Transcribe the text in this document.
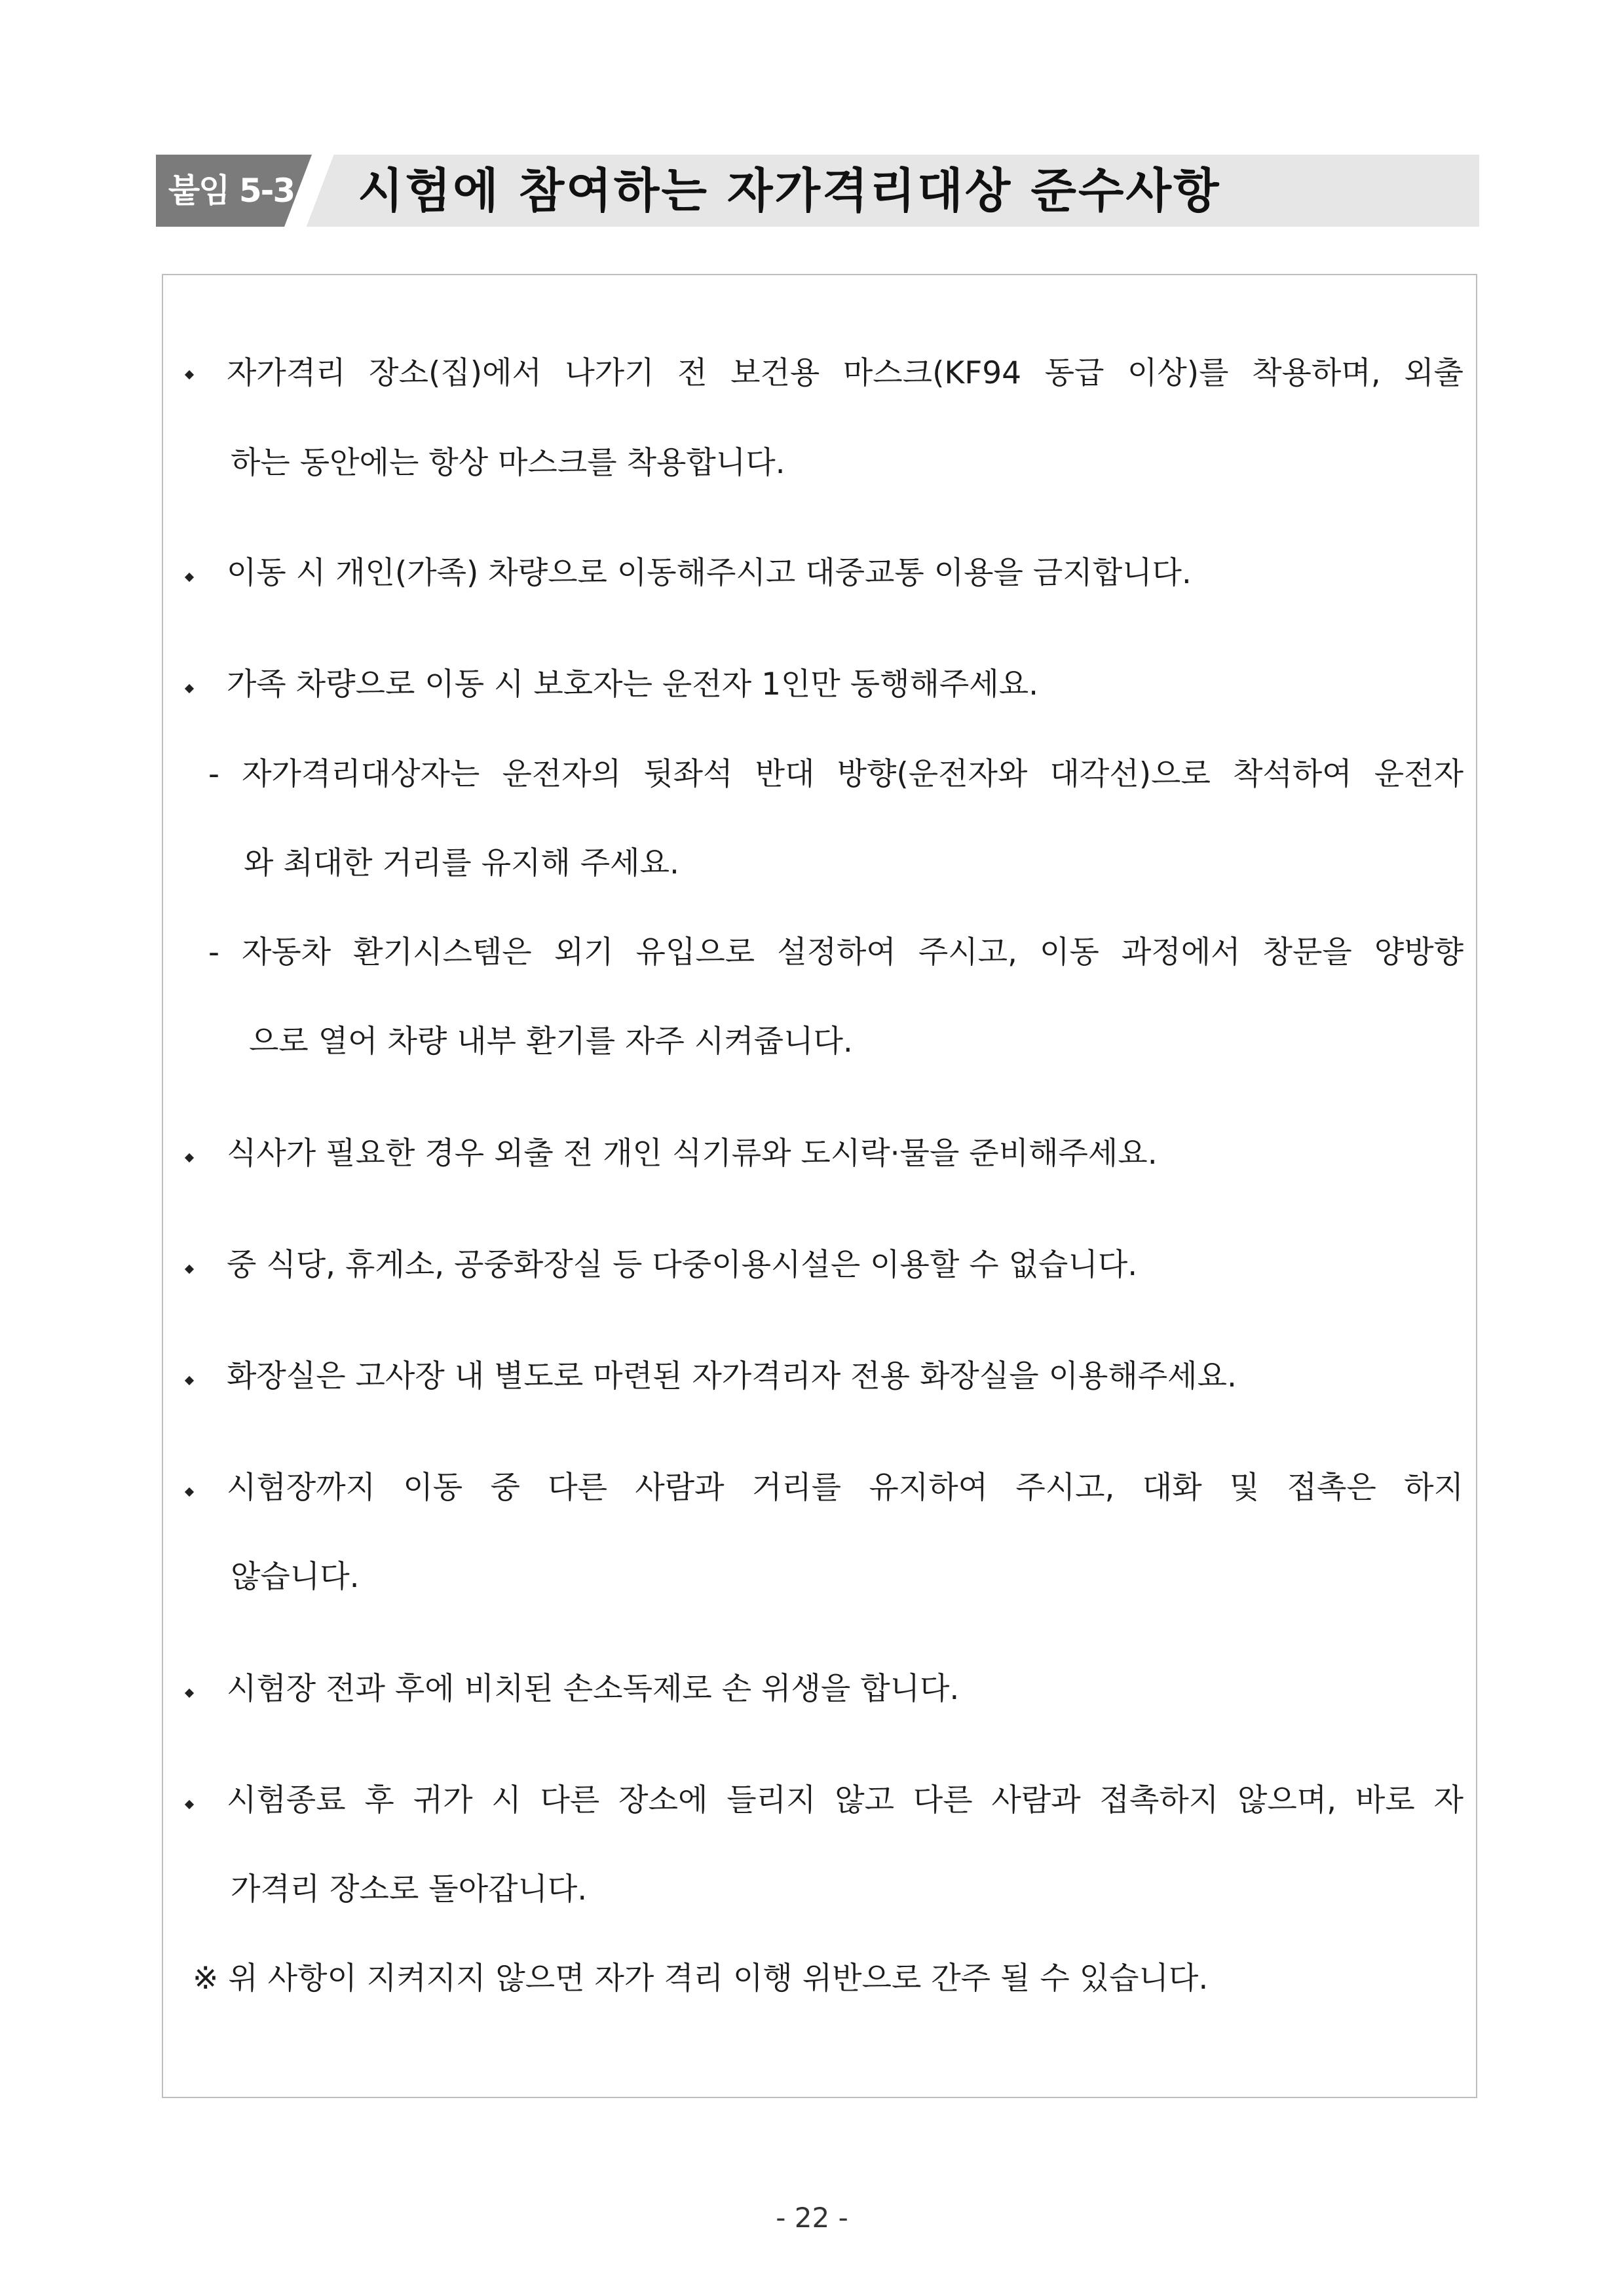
붙임 5-3 시험에 참여하는 자가격리대상 준수사항
자가격리 장소(집)에서 나가기 전 보건용 마스크(KF94 동급 이상)를 착용하며, 외출
하는 동안에는 항상 마스크를 착용합니다.
이동 시 개인(가족) 차량으로 이동해주시고 대중교통 이용을 금지합니다.
가족 차량으로 이동 시 보호자는 운전자 1인만 동행해주세요.
- 자가격리대상자는 운전자의 뒷좌석 반대 방향(운전자와 대각선)으로 착석하여 운전자
와 최대한 거리를 유지해 주세요.
- 자동차 환기시스템은 외기 유입으로 설정하여 주시고, 이동 과정에서 창문을 양방향
으로 열어 차량 내부 환기를 자주 시켜줍니다.
식사가 필요한 경우 외출 전 개인 식기류와 도시락·물을 준비해주세요.
중 식당, 휴게소, 공중화장실 등 다중이용시설은 이용할 수 없습니다.
화장실은 고사장 내 별도로 마련된 자가격리자 전용 화장실을 이용해주세요.
시험장까지 이동 중 다른 사람과 거리를 유지하여 주시고, 대화 및 접촉은 하지
않습니다.
시험장 전과 후에 비치된 손소독제로 손 위생을 합니다.
시험종료 후 귀가 시 다른 장소에 들리지 않고 다른 사람과 접촉하지 않으며, 바로 자
가격리 장소로 돌아갑니다.
※ 위 사항이 지켜지지 않으면 자가 격리 이행 위반으로 간주 될 수 있습니다.
- 22 -
